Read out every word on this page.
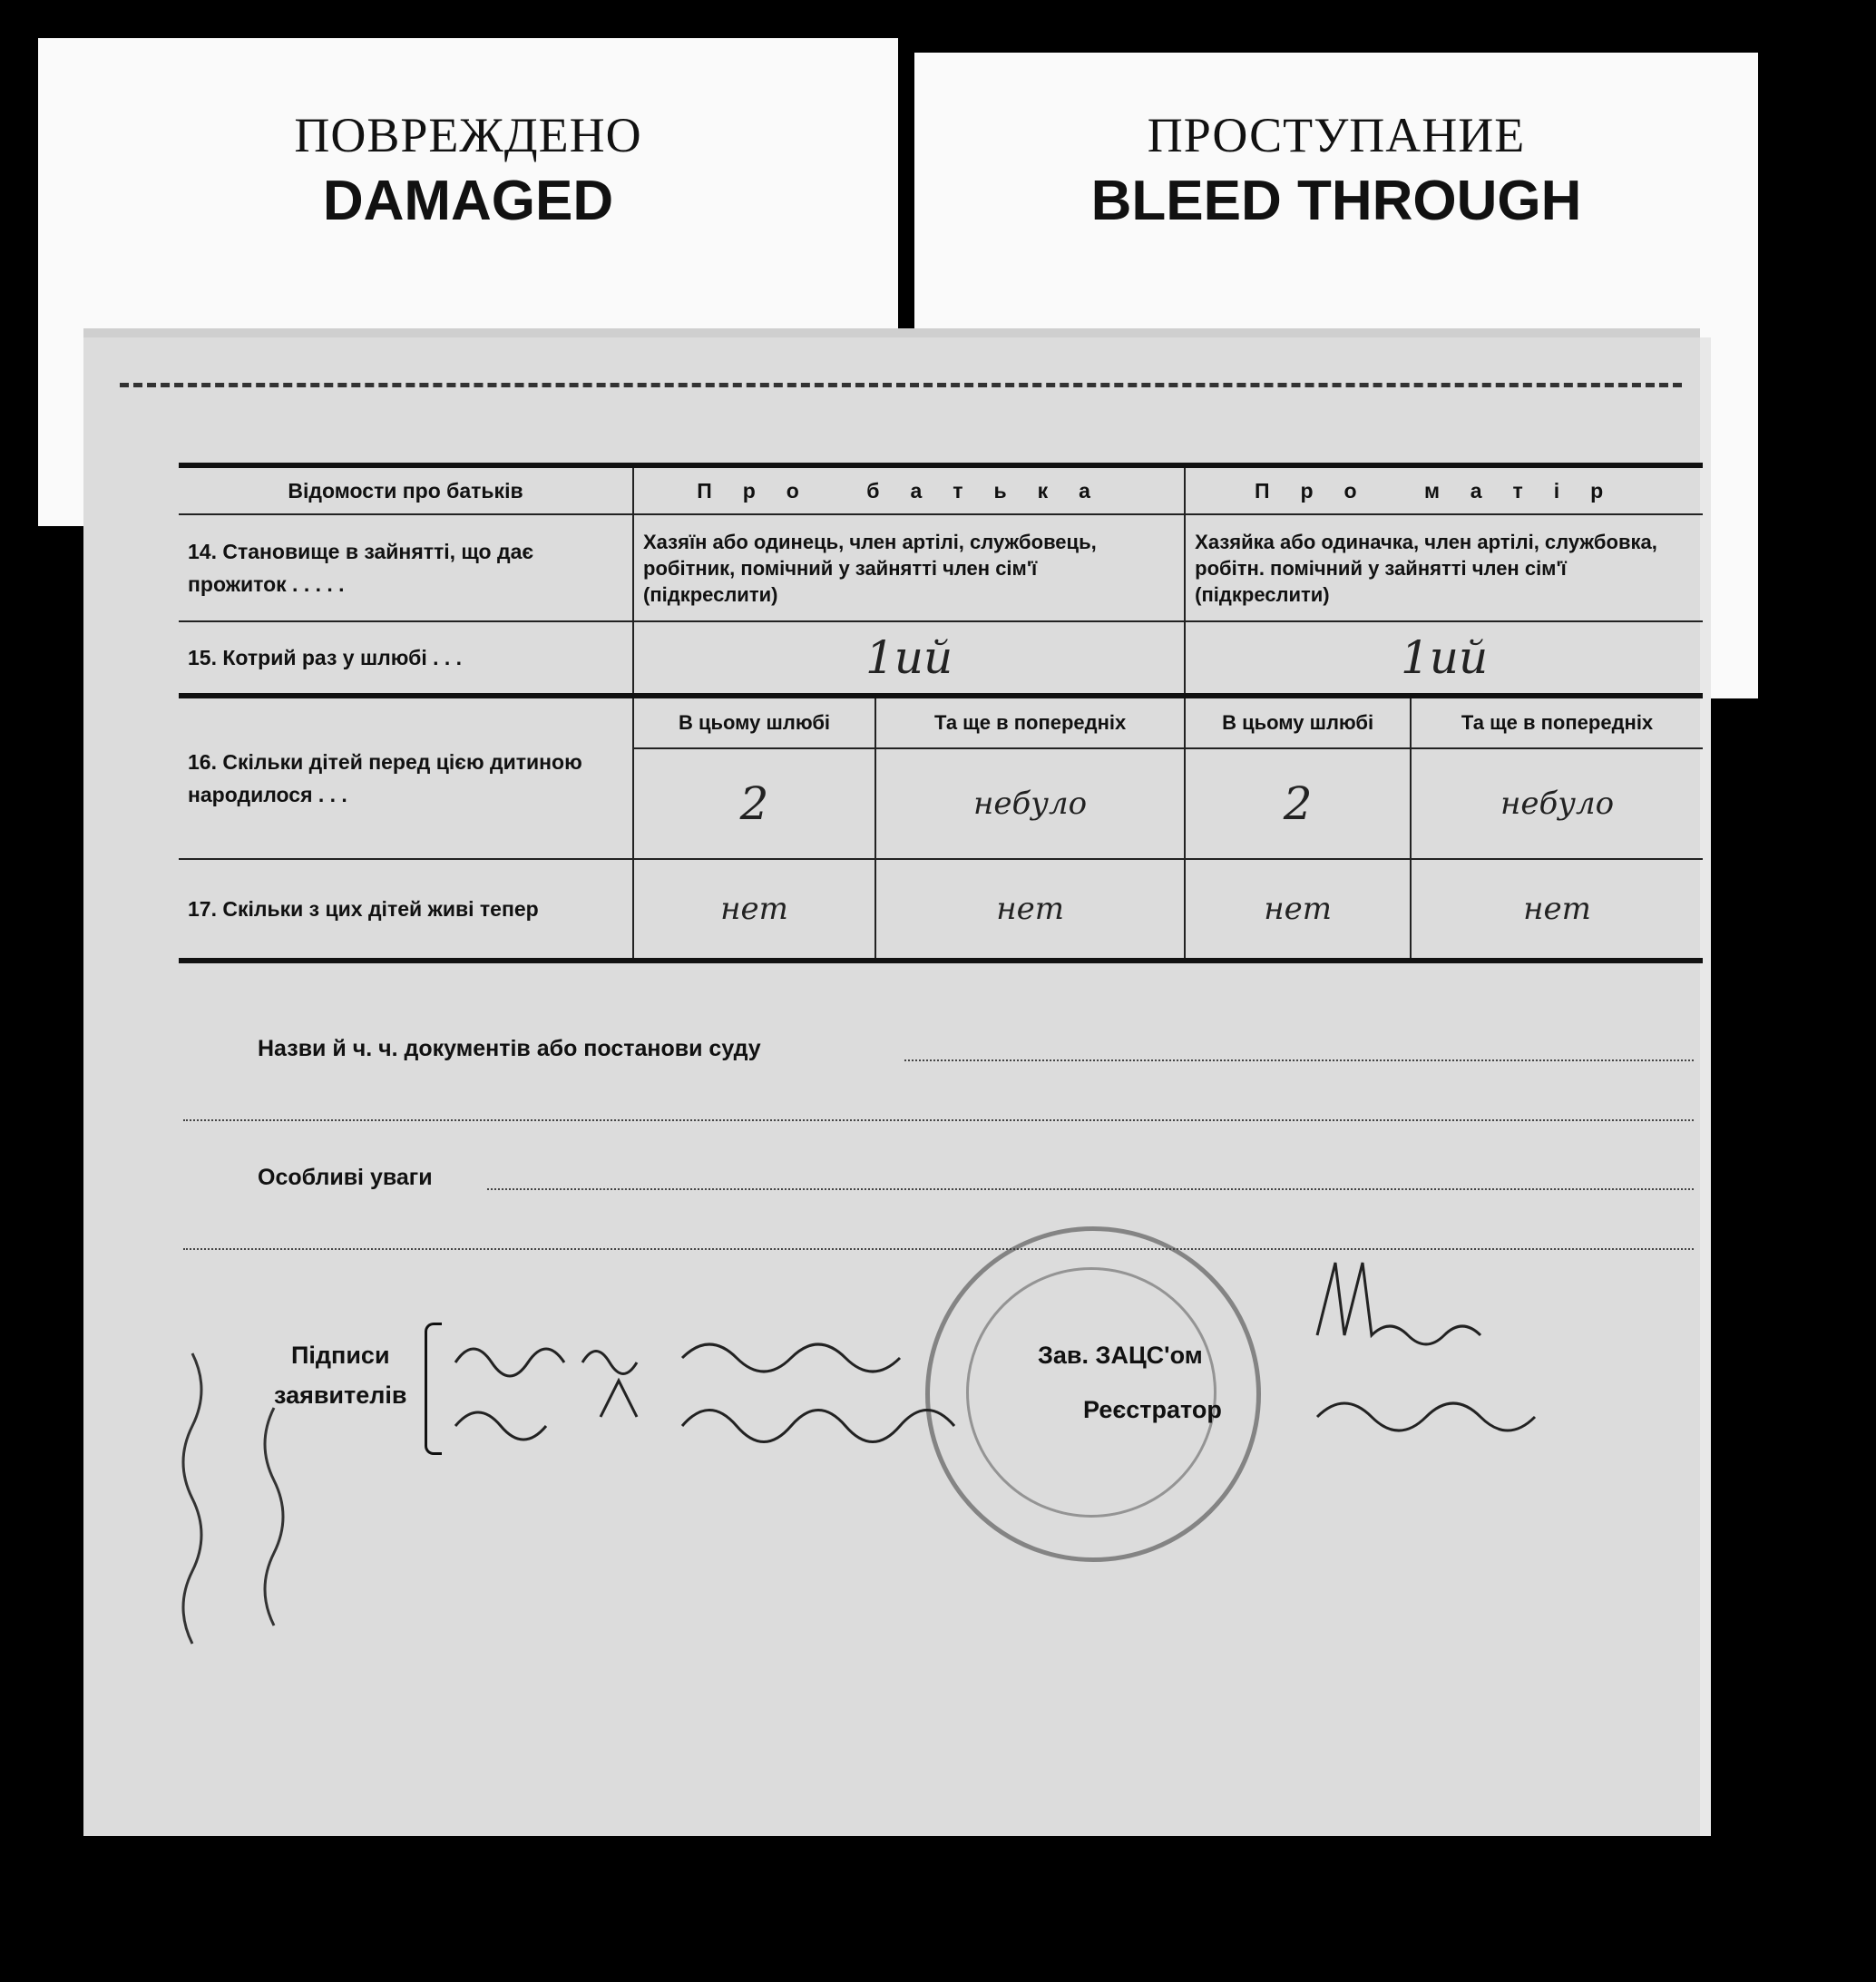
ПОВРЕЖДЕНО
DAMAGED
ПРОСТУПАНИЕ
BLEED THROUGH
Відомости про батьків	Про батька		Про матір	
14. Становище в зайнятті, що дає прожиток . . . . .	Хазяїн або одинець, член артілі, службовець, робітник, помічний у зайнятті член сім'ї (підкреслити)		Хазяйка або одиначка, член артілі, службовка, робітн. помічний у зайнятті член сім'ї (підкреслити)	
15. Котрий раз у шлюбі . . .	1ий		1ий	
16. Скільки дітей перед цією дитиною народилося . . .	В цьому шлюбі	Та ще в попередніх	В цьому шлюбі	Та ще в попередніх
	2	небуло	2	небуло
17. Скільки з цих дітей живі тепер	нет	нет	нет	нет
Назви й ч. ч. документів або постанови суду
Особливі уваги
Підписи
заявителів
Зав. ЗАЦС'ом
Реєстратор
